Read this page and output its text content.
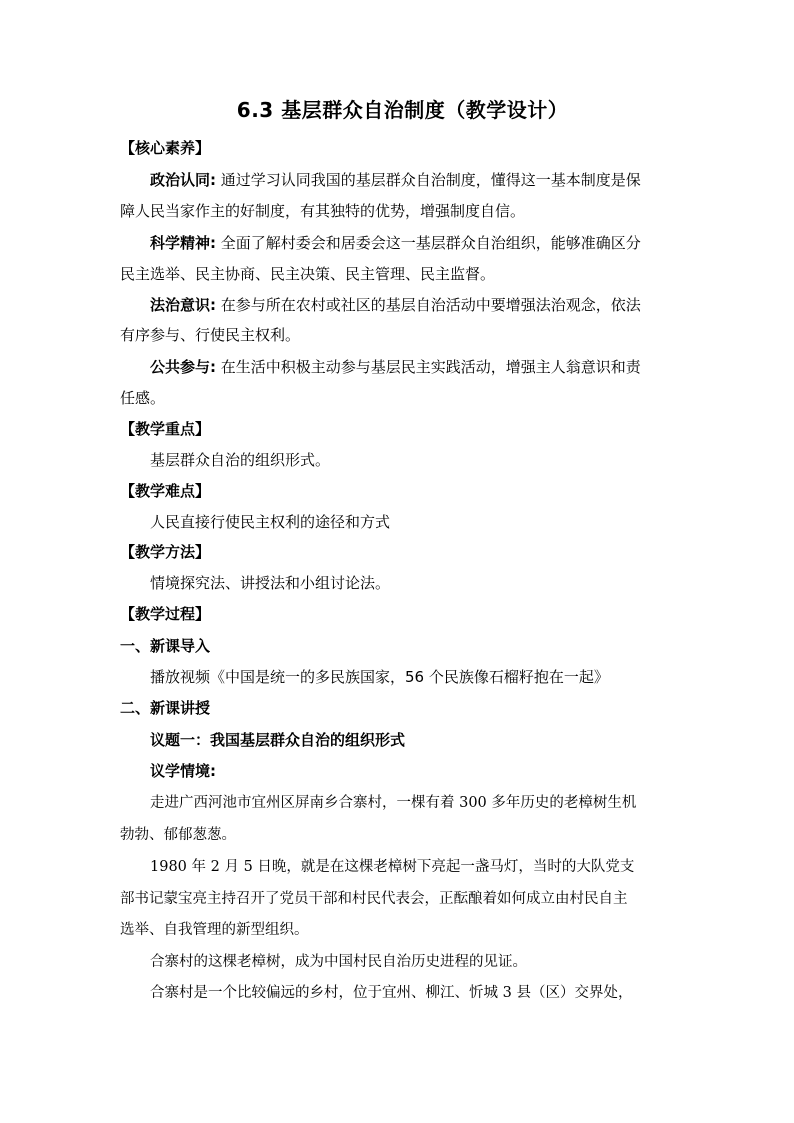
6.3 基层群众自治制度（教学设计）
【核心素养】
政治认同: 通过学习认同我国的基层群众自治制度，懂得这一基本制度是保
障人民当家作主的好制度，有其独特的优势，增强制度自信。
科学精神: 全面了解村委会和居委会这一基层群众自治组织，能够准确区分
民主选举、民主协商、民主决策、民主管理、民主监督。
法治意识: 在参与所在农村或社区的基层自治活动中要增强法治观念，依法
有序参与、行使民主权利。
公共参与: 在生活中积极主动参与基层民主实践活动，增强主人翁意识和责
任感。
【教学重点】
基层群众自治的组织形式。
【教学难点】
人民直接行使民主权利的途径和方式
【教学方法】
情境探究法、讲授法和小组讨论法。
【教学过程】
一、新课导入
播放视频《中国是统一的多民族国家，56 个民族像石榴籽抱在一起》
二、新课讲授
议题一：我国基层群众自治的组织形式
议学情境:
走进广西河池市宜州区屏南乡合寨村，一棵有着 300 多年历史的老樟树生机
勃勃、郁郁葱葱。
1980 年 2 月 5 日晚，就是在这棵老樟树下亮起一盏马灯，当时的大队党支
部书记蒙宝亮主持召开了党员干部和村民代表会，正酝酿着如何成立由村民自主
选举、自我管理的新型组织。
合寨村的这棵老樟树，成为中国村民自治历史进程的见证。
合寨村是一个比较偏远的乡村，位于宜州、柳江、忻城 3 县（区）交界处，
